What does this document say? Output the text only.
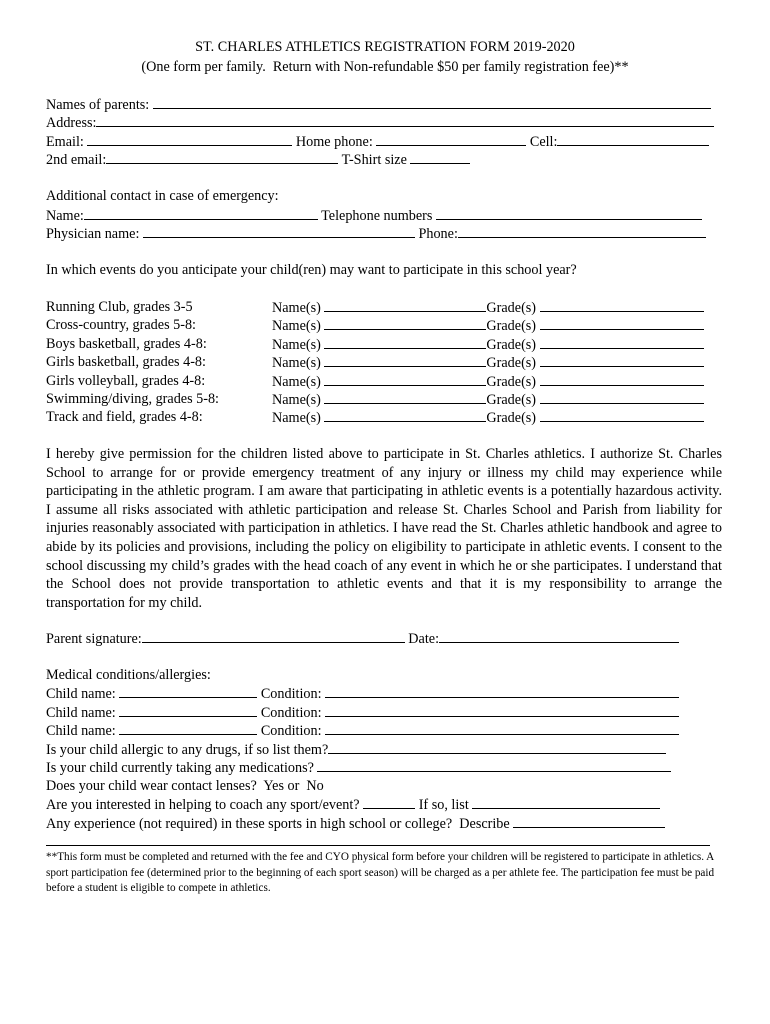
ST. CHARLES ATHLETICS REGISTRATION FORM 2019-2020
(One form per family.  Return with Non-refundable $50 per family registration fee)**
Names of parents:
Address:
Email:	Home phone:	Cell:
2nd email:	T-Shirt size
Additional contact in case of emergency:
Name:	Telephone numbers
Physician name:	Phone:
In which events do you anticipate your child(ren) may want to participate in this school year?
Running Club, grades 3-5	Name(s)	Grade(s)
Cross-country, grades 5-8:	Name(s)	Grade(s)
Boys basketball, grades 4-8:	Name(s)	Grade(s)
Girls basketball, grades 4-8:	Name(s)	Grade(s)
Girls volleyball, grades 4-8:	Name(s)	Grade(s)
Swimming/diving, grades 5-8:	Name(s)	Grade(s)
Track and field, grades 4-8:	Name(s)	Grade(s)
I hereby give permission for the children listed above to participate in St. Charles athletics. I authorize St. Charles School to arrange for or provide emergency treatment of any injury or illness my child may experience while participating in the athletic program. I am aware that participating in athletic events is a potentially hazardous activity. I assume all risks associated with athletic participation and release St. Charles School and Parish from liability for injuries reasonably associated with participation in athletics. I have read the St. Charles athletic handbook and agree to abide by its policies and provisions, including the policy on eligibility to participate in athletic events. I consent to the school discussing my child’s grades with the head coach of any event in which he or she participates. I understand that the School does not provide transportation to athletic events and that it is my responsibility to arrange the transportation for my child.
Parent signature:	Date:
Medical conditions/allergies:
Child name:	Condition:
Child name:	Condition:
Child name:	Condition:
Is your child allergic to any drugs, if so list them?
Is your child currently taking any medications?
Does your child wear contact lenses?  Yes or  No
Are you interested in helping to coach any sport/event?	If so, list
Any experience (not required) in these sports in high school or college?  Describe
**This form must be completed and returned with the fee and CYO physical form before your children will be registered to participate in athletics. A sport participation fee (determined prior to the beginning of each sport season) will be charged as a per athlete fee. The participation fee must be paid before a student is eligible to compete in athletics.
